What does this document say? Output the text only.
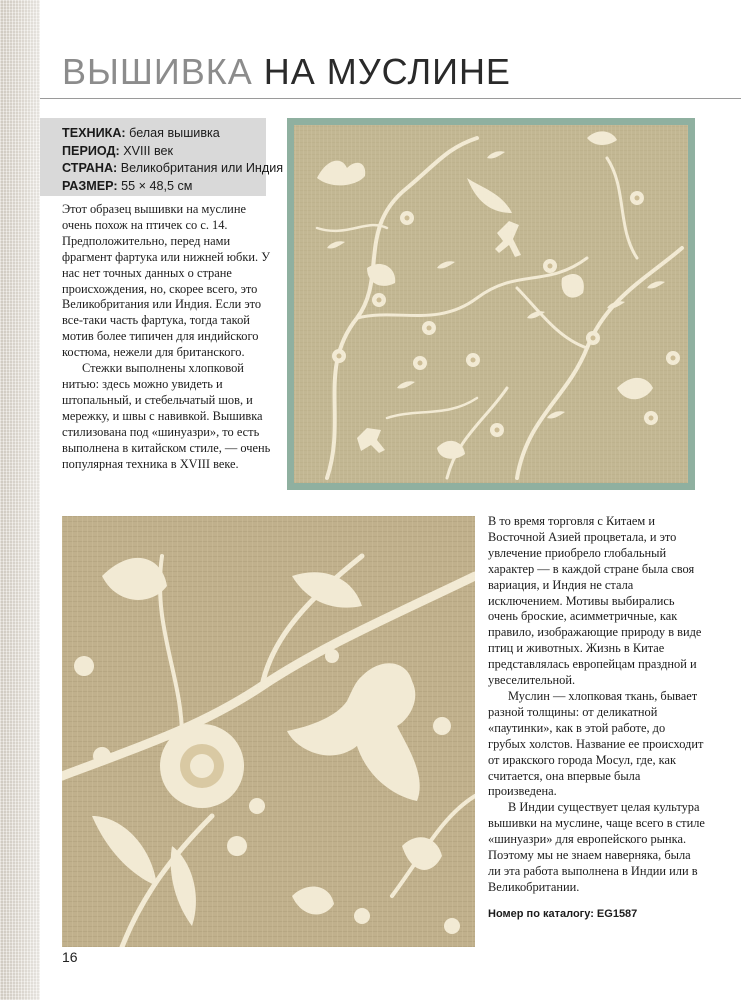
ВЫШИВКА НА МУСЛИНЕ
ТЕХНИКА: белая вышивка
ПЕРИОД: XVIII век
СТРАНА: Великобритания или Индия
РАЗМЕР: 55 × 48,5 см

Этот образец вышивки на муслине очень похож на птичек со с. 14. Предположительно, перед нами фрагмент фартука или нижней юбки. У нас нет точных данных о стране происхождения, но, скорее всего, это Великобритания или Индия. Если это все-таки часть фартука, тогда такой мотив более типичен для индийского костюма, нежели для британского.

Стежки выполнены хлопковой нитью: здесь можно увидеть и штопальный, и стебельчатый шов, и мережку, и швы с навивкой. Вышивка стилизована под «шинуазри», то есть выполнена в китайском стиле, — очень популярная техника в XVIII веке.

В то время торговля с Китаем и Восточной Азией процветала, и это увлечение приобрело глобальный характер — в каждой стране была своя вариация, и Индия не стала исключением. Мотивы выбирались очень броские, асимметричные, как правило, изображающие природу в виде птиц и животных. Жизнь в Китае представлялась европейцам праздной и увеселительной.

Муслин — хлопковая ткань, бывает разной толщины: от деликатной «паутинки», как в этой работе, до грубых холстов. Название ее происходит от иракского города Мосул, где, как считается, она впервые была произведена.

В Индии существует целая культура вышивки на муслине, чаще всего в стиле «шинуазри» для европейского рынка. Поэтому мы не знаем наверняка, была ли эта работа выполнена в Индии или в Великобритании.

Номер по каталогу: EG1587
16
